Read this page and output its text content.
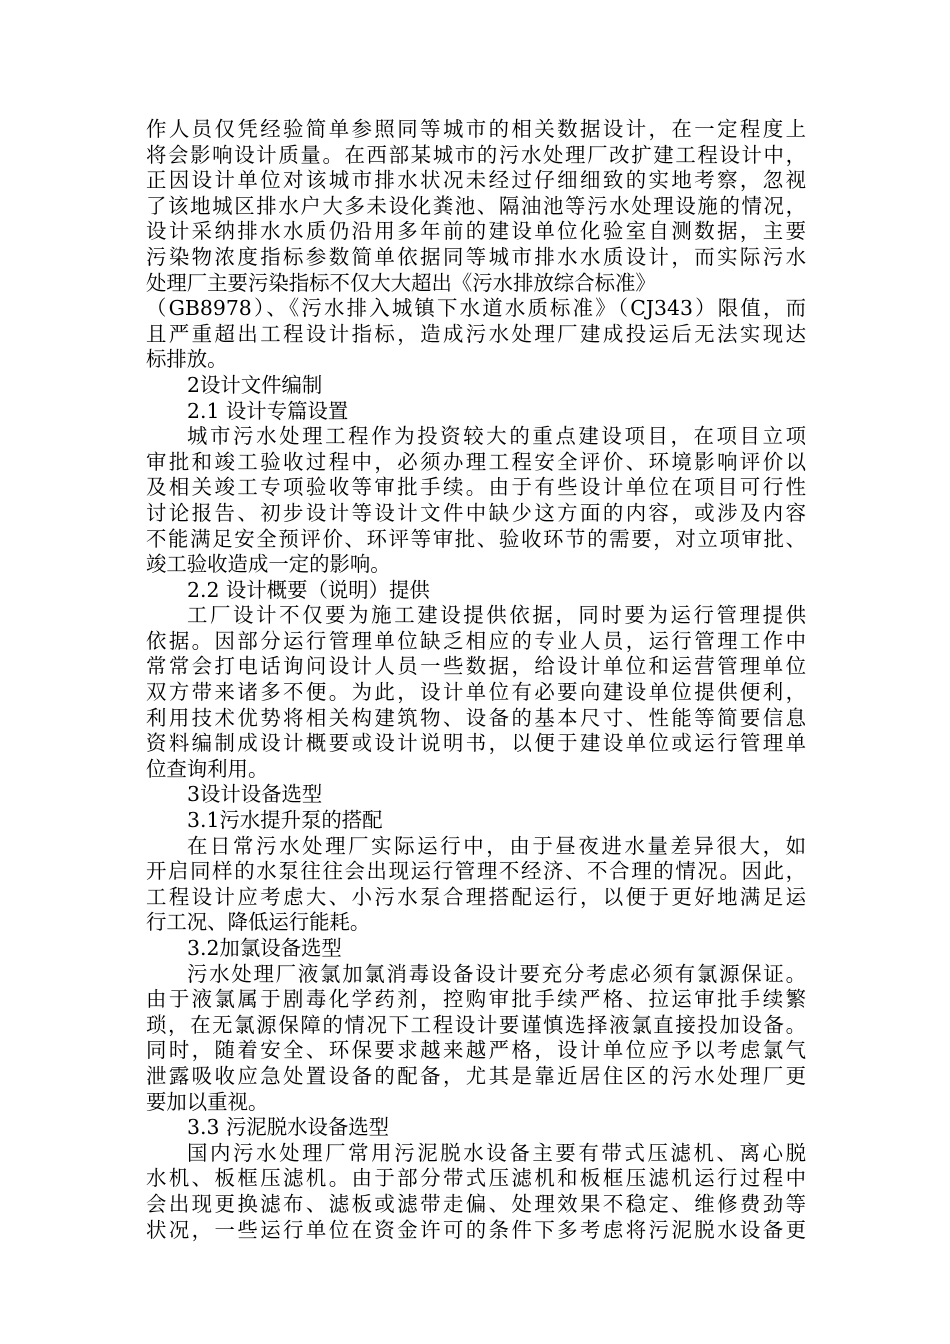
作人员仅凭经验简单参照同等城市的相关数据设计，在一定程度上
将会影响设计质量。在西部某城市的污水处理厂改扩建工程设计中，
正因设计单位对该城市排水状况未经过仔细细致的实地考察，忽视
了该地城区排水户大多未设化粪池、隔油池等污水处理设施的情况，
设计采纳排水水质仍沿用多年前的建设单位化验室自测数据，主要
污染物浓度指标参数简单依据同等城市排水水质设计，而实际污水
处理厂主要污染指标不仅大大超出《污水排放综合标准》
（GB8978）、《污水排入城镇下水道水质标准》（CJ343）限值，而
且严重超出工程设计指标，造成污水处理厂建成投运后无法实现达
标排放。
2设计文件编制
2.1 设计专篇设置
城市污水处理工程作为投资较大的重点建设项目，在项目立项
审批和竣工验收过程中，必须办理工程安全评价、环境影响评价以
及相关竣工专项验收等审批手续。由于有些设计单位在项目可行性
讨论报告、初步设计等设计文件中缺少这方面的内容，或涉及内容
不能满足安全预评价、环评等审批、验收环节的需要，对立项审批、
竣工验收造成一定的影响。
2.2 设计概要（说明）提供
工厂设计不仅要为施工建设提供依据，同时要为运行管理提供
依据。因部分运行管理单位缺乏相应的专业人员，运行管理工作中
常常会打电话询问设计人员一些数据，给设计单位和运营管理单位
双方带来诸多不便。为此，设计单位有必要向建设单位提供便利，
利用技术优势将相关构建筑物、设备的基本尺寸、性能等简要信息
资料编制成设计概要或设计说明书，以便于建设单位或运行管理单
位查询利用。
3设计设备选型
3.1污水提升泵的搭配
在日常污水处理厂实际运行中，由于昼夜进水量差异很大，如
开启同样的水泵往往会出现运行管理不经济、不合理的情况。因此，
工程设计应考虑大、小污水泵合理搭配运行，以便于更好地满足运
行工况、降低运行能耗。
3.2加氯设备选型
污水处理厂液氯加氯消毒设备设计要充分考虑必须有氯源保证。
由于液氯属于剧毒化学药剂，控购审批手续严格、拉运审批手续繁
琐，在无氯源保障的情况下工程设计要谨慎选择液氯直接投加设备。
同时，随着安全、环保要求越来越严格，设计单位应予以考虑氯气
泄露吸收应急处置设备的配备，尤其是靠近居住区的污水处理厂更
要加以重视。
3.3 污泥脱水设备选型
国内污水处理厂常用污泥脱水设备主要有带式压滤机、离心脱
水机、板框压滤机。由于部分带式压滤机和板框压滤机运行过程中
会出现更换滤布、滤板或滤带走偏、处理效果不稳定、维修费劲等
状况，一些运行单位在资金许可的条件下多考虑将污泥脱水设备更
